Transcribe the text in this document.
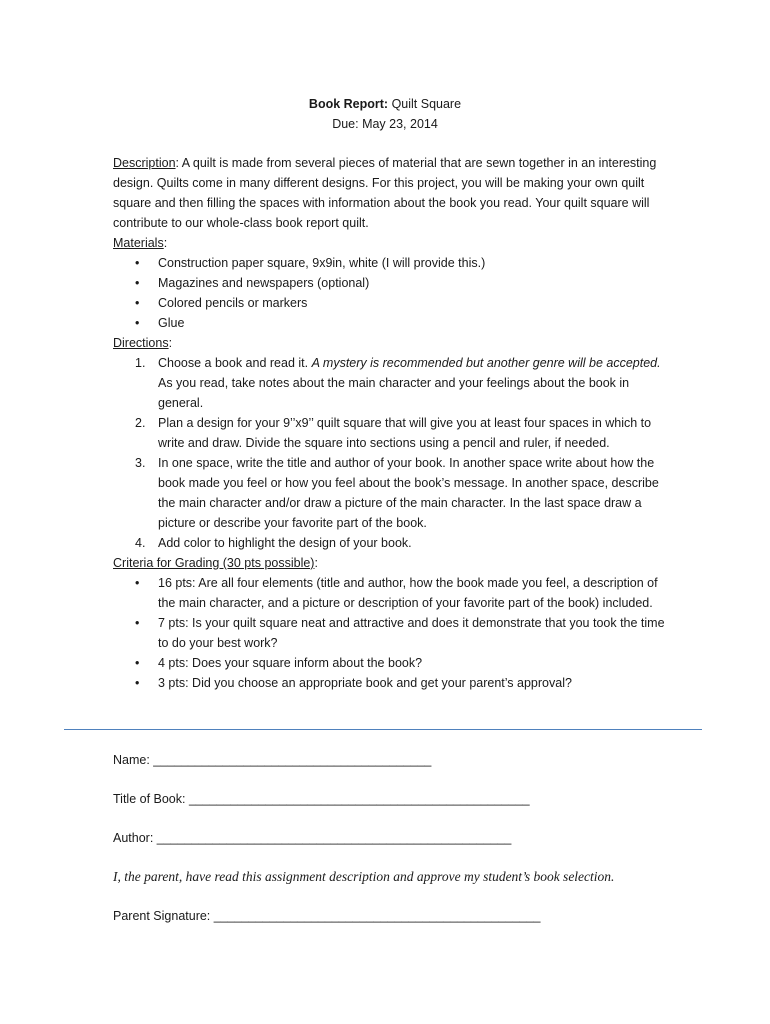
Book Report: Quilt Square
Due: May 23, 2014

Description: A quilt is made from several pieces of material that are sewn together in an interesting design. Quilts come in many different designs. For this project, you will be making your own quilt square and then filling the spaces with information about the book you read. Your quilt square will contribute to our whole-class book report quilt.

Materials:
• Construction paper square, 9x9in, white (I will provide this.)
• Magazines and newspapers (optional)
• Colored pencils or markers
• Glue
Directions:
1. Choose a book and read it. A mystery is recommended but another genre will be accepted. As you read, take notes about the main character and your feelings about the book in general.
2. Plan a design for your 9’’x9’’ quilt square that will give you at least four spaces in which to write and draw. Divide the square into sections using a pencil and ruler, if needed.
3. In one space, write the title and author of your book. In another space write about how the book made you feel or how you feel about the book’s message. In another space, describe the main character and/or draw a picture of the main character. In the last space draw a picture or describe your favorite part of the book.
4. Add color to highlight the design of your book.
Criteria for Grading (30 pts possible):
• 16 pts: Are all four elements (title and author, how the book made you feel, a description of the main character, and a picture or description of your favorite part of the book) included.
• 7 pts: Is your quilt square neat and attractive and does it demonstrate that you took the time to do your best work?
• 4 pts: Does your square inform about the book?
• 3 pts: Did you choose an appropriate book and get your parent’s approval?
Name: ________________________________________
Title of Book: _________________________________________________
Author: ___________________________________________________
I, the parent, have read this assignment description and approve my student’s book selection.
Parent Signature: _______________________________________________
